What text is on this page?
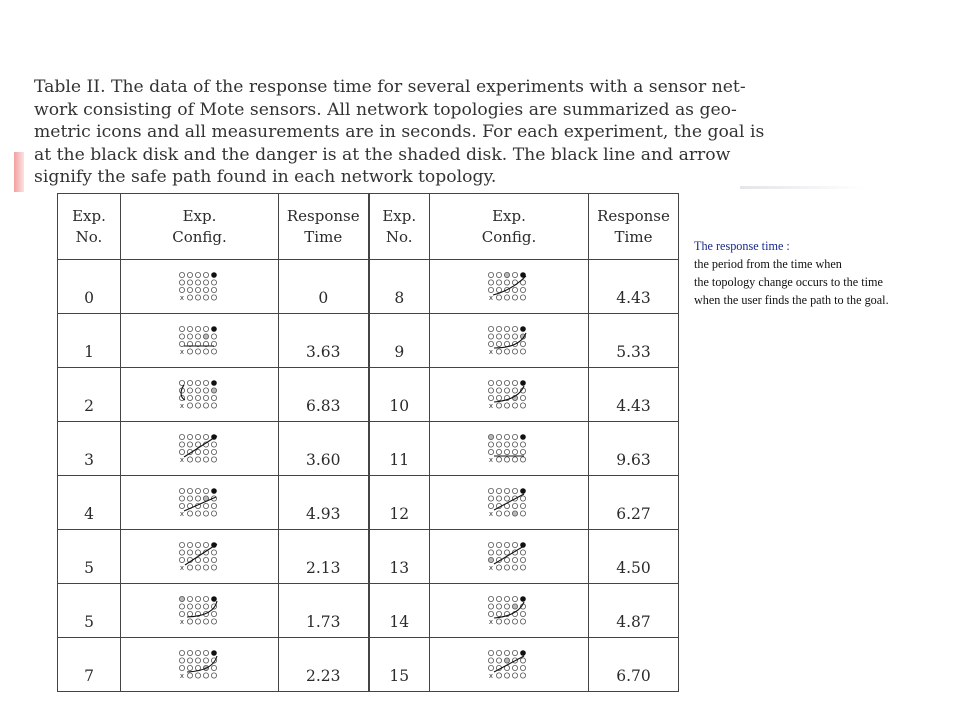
Table II. The data of the response time for several experiments with a sensor net-
work consisting of Mote sensors. All network topologies are summarized as geo-
metric icons and all measurements are in seconds. For each experiment, the goal is
at the black disk and the danger is at the shaded disk. The black line and arrow
signify the safe path found in each network topology.

Exp.
No.	Exp.
Config.	Response
Time	Exp.
No.	Exp.
Config.	Response
Time
0	x	0	8	x	4.43
1	x	3.63	9	x	5.33
2	x	6.83	10	x	4.43
3	x	3.60	11	x	9.63
4	x	4.93	12	x	6.27
5	x	2.13	13	x	4.50
5	x	1.73	14	x	4.87
7	x	2.23	15	x	6.70
The response time :
the period from the time when
the topology change occurs to the time
when the user finds the path to the goal.
